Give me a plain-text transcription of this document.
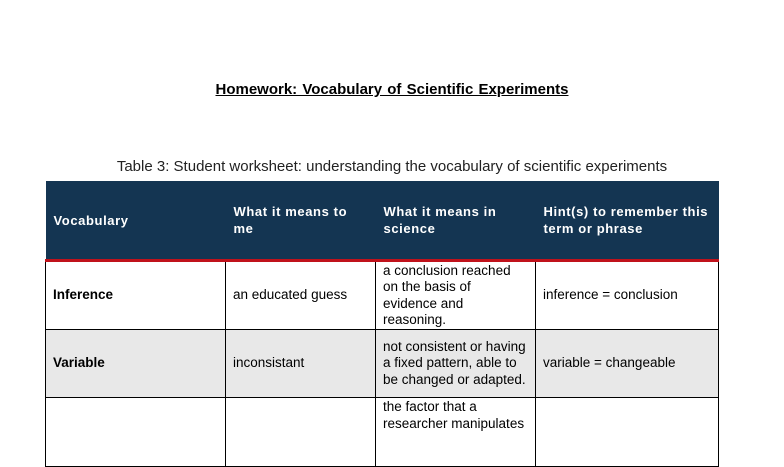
Homework: Vocabulary of Scientific Experiments
Table 3: Student worksheet: understanding the vocabulary of scientific experiments
Vocabulary	What it means to me	What it means in science	Hint(s) to remember this term or phrase
Inference	an educated guess	a conclusion reached on the basis of evidence and reasoning.	inference = conclusion
Variable	inconsistant	not consistent or having a fixed pattern, able to be changed or adapted.	variable = changeable
		the factor that a researcher manipulates	
